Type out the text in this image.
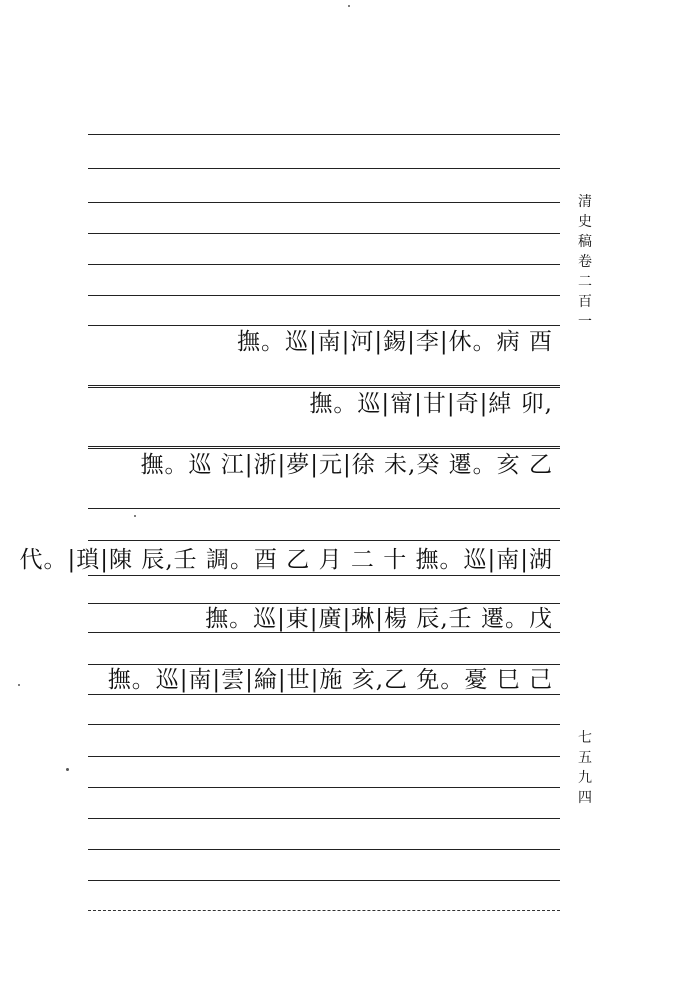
撫。巡|南|河|錫|李|休。病 酉
撫。巡|甯|甘|奇|綽 卯,
撫。巡 江|浙|夢|元|徐 未,癸 遷。亥 乙
代。|瑣|陳 辰,壬 調。酉 乙 月 二 十 撫。巡|南|湖
撫。巡|東|廣|琳|楊 辰,壬 遷。戊
撫。巡|南|雲|綸|世|施 亥,乙 免。憂 巳 己
清史稿卷二百一
七五九四
